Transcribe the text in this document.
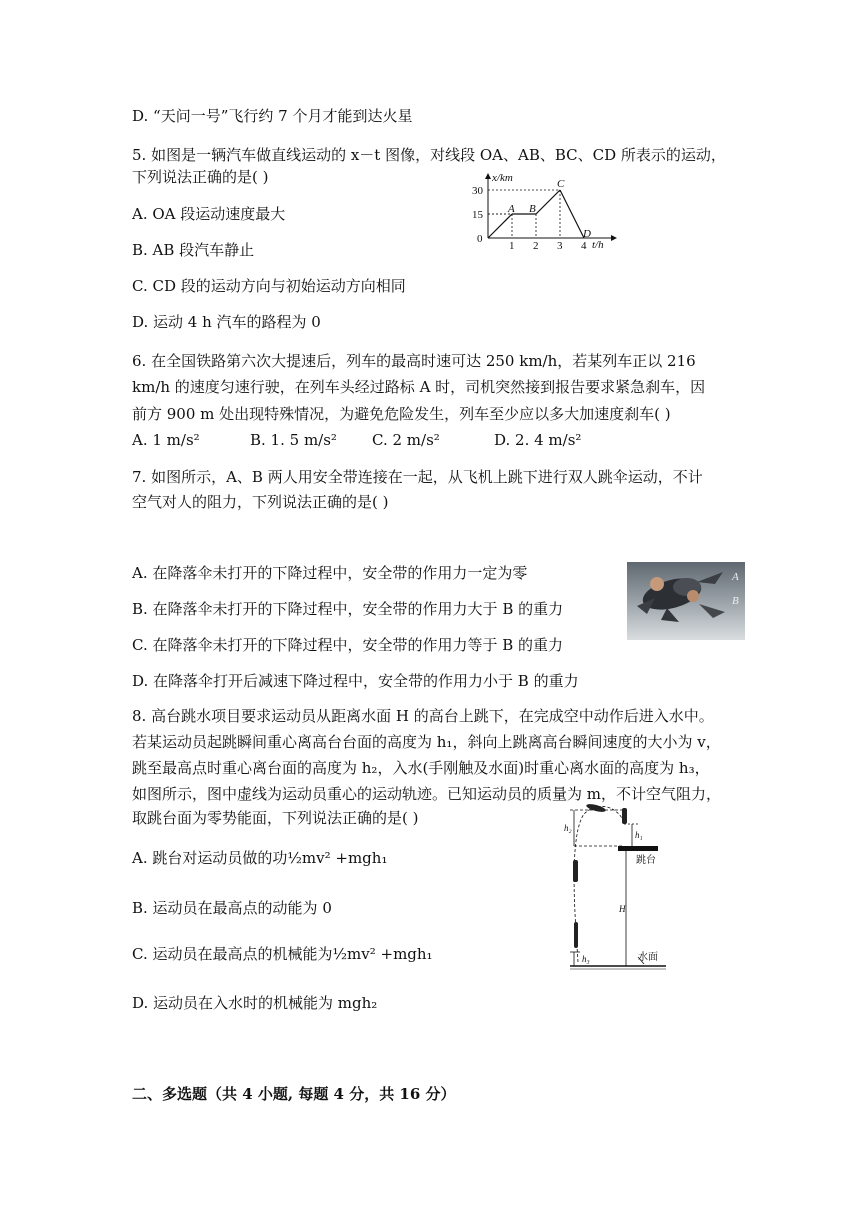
D. “天问一号”飞行约 7 个月才能到达火星
5. 如图是一辆汽车做直线运动的 x－t 图像，对线段 OA、AB、BC、CD 所表示的运动，
下列说法正确的是( )
A. OA 段运动速度最大
B. AB 段汽车静止
C. CD 段的运动方向与初始运动方向相同
D. 运动 4 h 汽车的路程为 0
x/km
t/h
0
15
30
1 2 3 4
A B
C
D
6. 在全国铁路第六次大提速后，列车的最高时速可达 250 km/h，若某列车正以 216
km/h 的速度匀速行驶，在列车头经过路标 A 时，司机突然接到报告要求紧急刹车，因
前方 900 m 处出现特殊情况，为避免危险发生，列车至少应以多大加速度刹车( )
A. 1 m/s²	B. 1. 5 m/s² C. 2 m/s²	D. 2. 4 m/s²
7. 如图所示，A、B 两人用安全带连接在一起，从飞机上跳下进行双人跳伞运动，不计
空气对人的阻力，下列说法正确的是( )
A. 在降落伞未打开的下降过程中，安全带的作用力一定为零
B. 在降落伞未打开的下降过程中，安全带的作用力大于 B 的重力
C. 在降落伞未打开的下降过程中，安全带的作用力等于 B 的重力
D. 在降落伞打开后减速下降过程中，安全带的作用力小于 B 的重力
A
B
8. 高台跳水项目要求运动员从距离水面 H 的高台上跳下，在完成空中动作后进入水中。
若某运动员起跳瞬间重心离高台台面的高度为 h₁，斜向上跳离高台瞬间速度的大小为 v，
跳至最高点时重心离台面的高度为 h₂，入水(手刚触及水面)时重心离水面的高度为 h₃，
如图所示，图中虚线为运动员重心的运动轨迹。已知运动员的质量为 m，不计空气阻力，
取跳台面为零势能面，下列说法正确的是( )
A. 跳台对运动员做的功½mv² +mgh₁
B. 运动员在最高点的动能为 0
C. 运动员在最高点的机械能为½mv² +mgh₁
D. 运动员在入水时的机械能为 mgh₂
h₂
h₁
H
h₃
跳台
水面
二、多选题（共 4 小题, 每题 4 分，共 16 分）
